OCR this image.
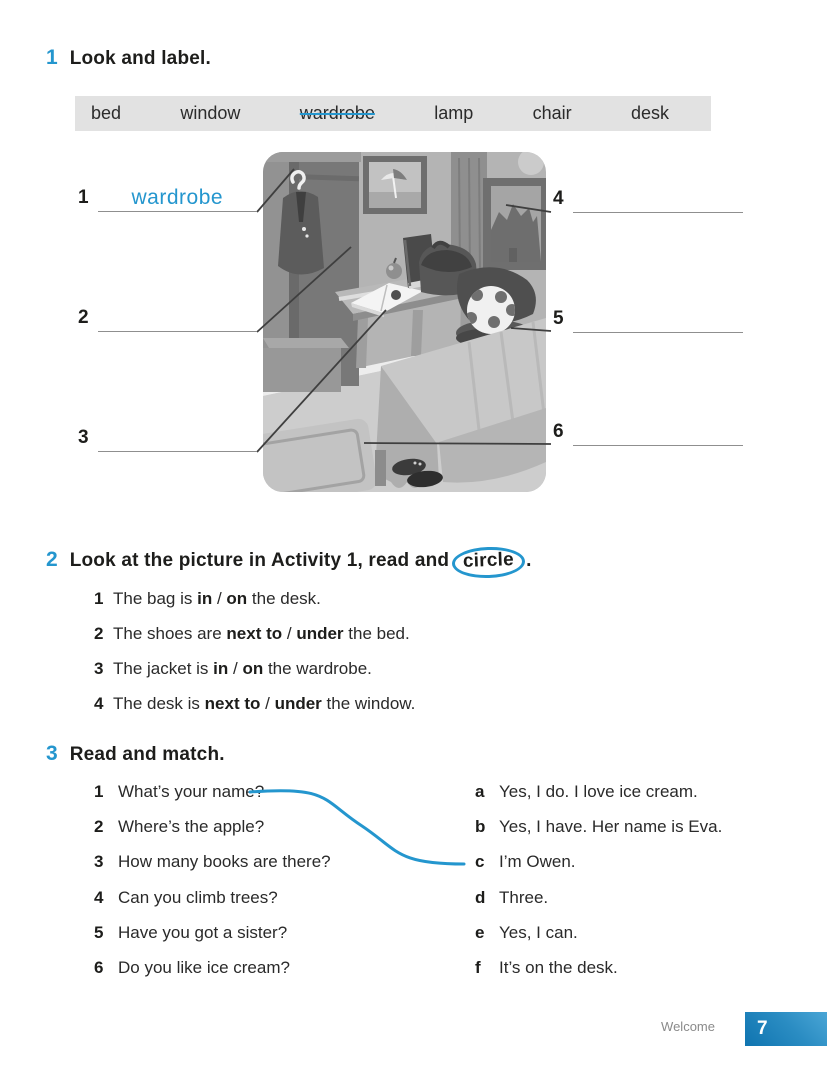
1 Look and label.
bed	window	wardrobe	lamp	chair	desk
1 wardrobe
2
3
4
5
6
2 Look at the picture in Activity 1, read and circle .
1 The bag is in / on the desk.
2 The shoes are next to / under the bed.
3 The jacket is in / on the wardrobe.
4 The desk is next to / under the window.
3 Read and match.
1 What’s your name?
2 Where’s the apple?
3 How many books are there?
4 Can you climb trees?
5 Have you got a sister?
6 Do you like ice cream?
a Yes, I do. I love ice cream.
b Yes, I have. Her name is Eva.
c I’m Owen.
d Three.
e Yes, I can.
f	It’s on the desk.
Welcome	7
